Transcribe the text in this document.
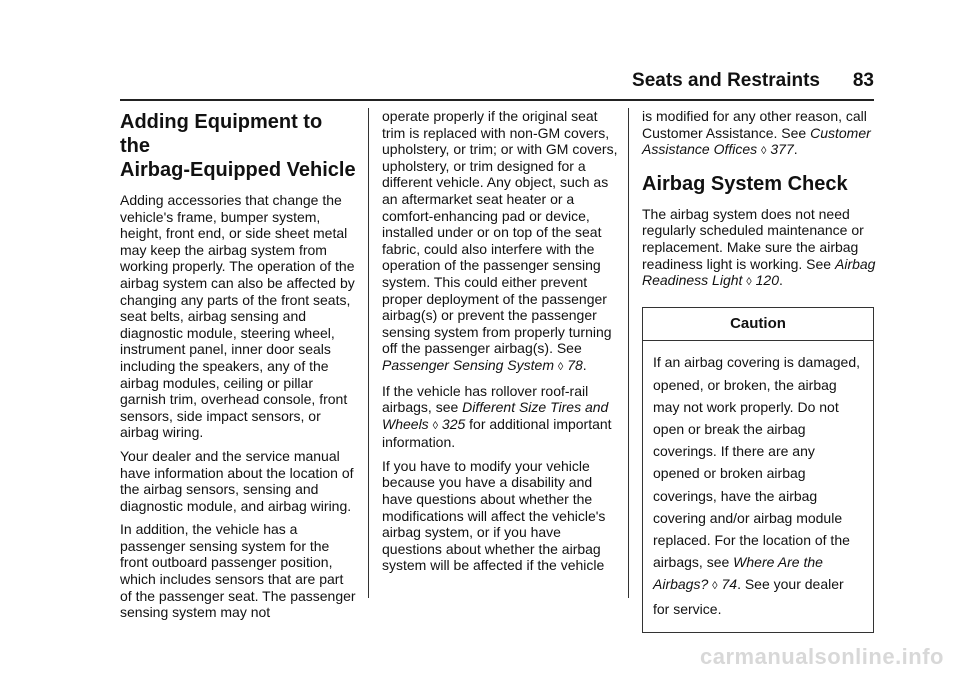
Seats and Restraints 83
Adding Equipment to the
Airbag-Equipped Vehicle

Adding accessories that change the vehicle's frame, bumper system, height, front end, or side sheet metal may keep the airbag system from working properly. The operation of the airbag system can also be affected by changing any parts of the front seats, seat belts, airbag sensing and diagnostic module, steering wheel, instrument panel, inner door seals including the speakers, any of the airbag modules, ceiling or pillar garnish trim, overhead console, front sensors, side impact sensors, or airbag wiring.

Your dealer and the service manual have information about the location of the airbag sensors, sensing and diagnostic module, and airbag wiring.

In addition, the vehicle has a passenger sensing system for the front outboard passenger position, which includes sensors that are part of the passenger seat. The passenger sensing system may not

operate properly if the original seat trim is replaced with non-GM covers, upholstery, or trim; or with GM covers, upholstery, or trim designed for a different vehicle. Any object, such as an aftermarket seat heater or a comfort-enhancing pad or device, installed under or on top of the seat fabric, could also interfere with the operation of the passenger sensing system. This could either prevent proper deployment of the passenger airbag(s) or prevent the passenger sensing system from properly turning off the passenger airbag(s). See Passenger Sensing System ◊ 78.

If the vehicle has rollover roof-rail airbags, see Different Size Tires and Wheels ◊ 325 for additional important information.

If you have to modify your vehicle because you have a disability and have questions about whether the modifications will affect the vehicle's airbag system, or if you have questions about whether the airbag system will be affected if the vehicle

is modified for any other reason, call Customer Assistance. See Customer Assistance Offices ◊ 377.

Airbag System Check

The airbag system does not need regularly scheduled maintenance or replacement. Make sure the airbag readiness light is working. See Airbag Readiness Light ◊ 120.

Caution
If an airbag covering is damaged, opened, or broken, the airbag may not work properly. Do not open or break the airbag coverings. If there are any opened or broken airbag coverings, have the airbag covering and/or airbag module replaced. For the location of the airbags, see Where Are the Airbags? ◊ 74. See your dealer for service.
carmanualsonline.info
